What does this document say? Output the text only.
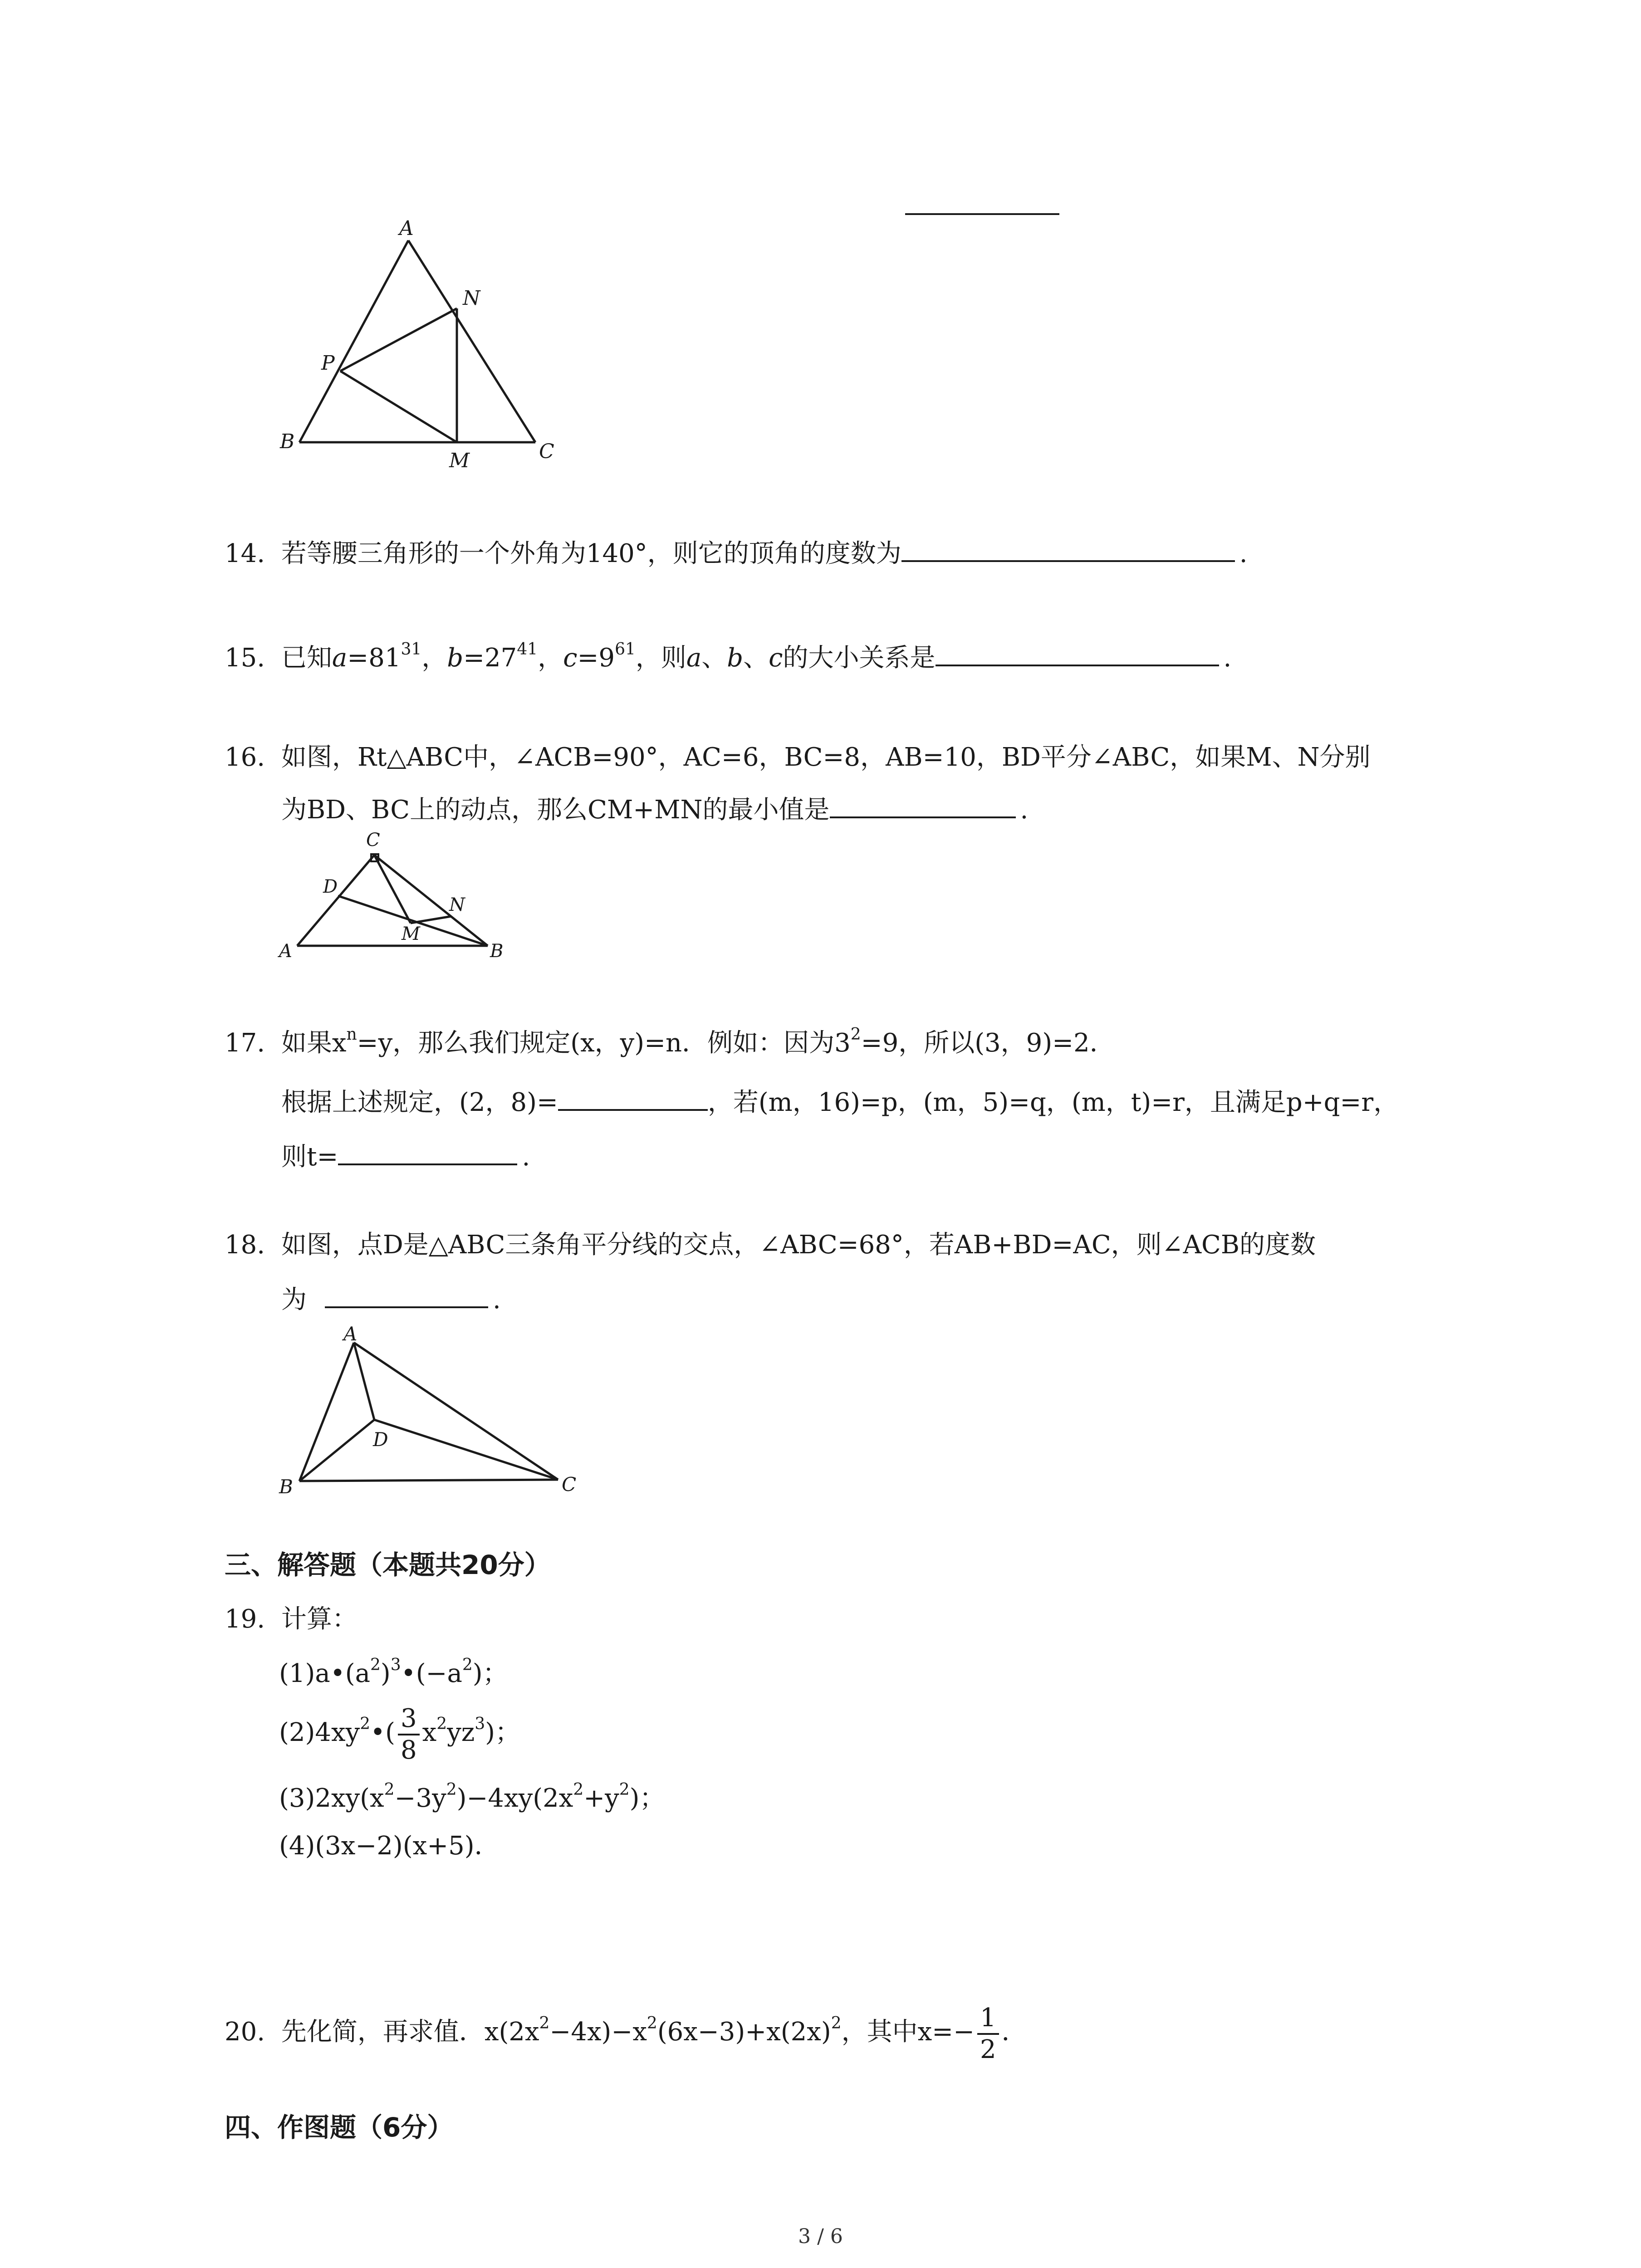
A
N
P
B
M	C
C
D
N
A
M
B
A
D
B	C
14. 若等腰三角形的一个外角为140°，则它的顶角的度数为	.
15. 已知$a=81^{31}$，$b=27^{41}$，$c=9^{61}$，则a、b、c的大小关系是	.
16. 如图，Rt△ABC中，∠ACB=90°，AC=6，BC=8，AB=10，BD平分∠ABC，如果M、N分别
为BD、BC上的动点，那么CM+MN的最小值是	.
17. 如果$x^n=y$，那么我们规定(x，y)=n．例如：因为$3^2=9$，所以(3，9)=2．
根据上述规定，(2，8)=	，若(m，16)=p，(m，5)=q，(m，t)=r，且满足p+q=r，
则t=	.
18. 如图，点D是△ABC三条角平分线的交点，∠ABC=68°，若AB+BD=AC，则∠ACB的度数
为	.
三、解答题（本题共20分）
19. 计算：
$(1)a•(a^2)^3•(-a^2)$；
$(2)4xy^2•( \frac{3}{8} x^2yz^3)$；
$(3)2xy(x^2-3y^2)-4xy(2x^2+y^2)$；
(4)(3x−2)(x+5)．
20. 先化简，再求值．$x(2x^2-4x)-x^2(6x-3)+x(2x)^2$，其中$x=- \frac{1}{2}$ ．
四、作图题（6分）
3 / 6
